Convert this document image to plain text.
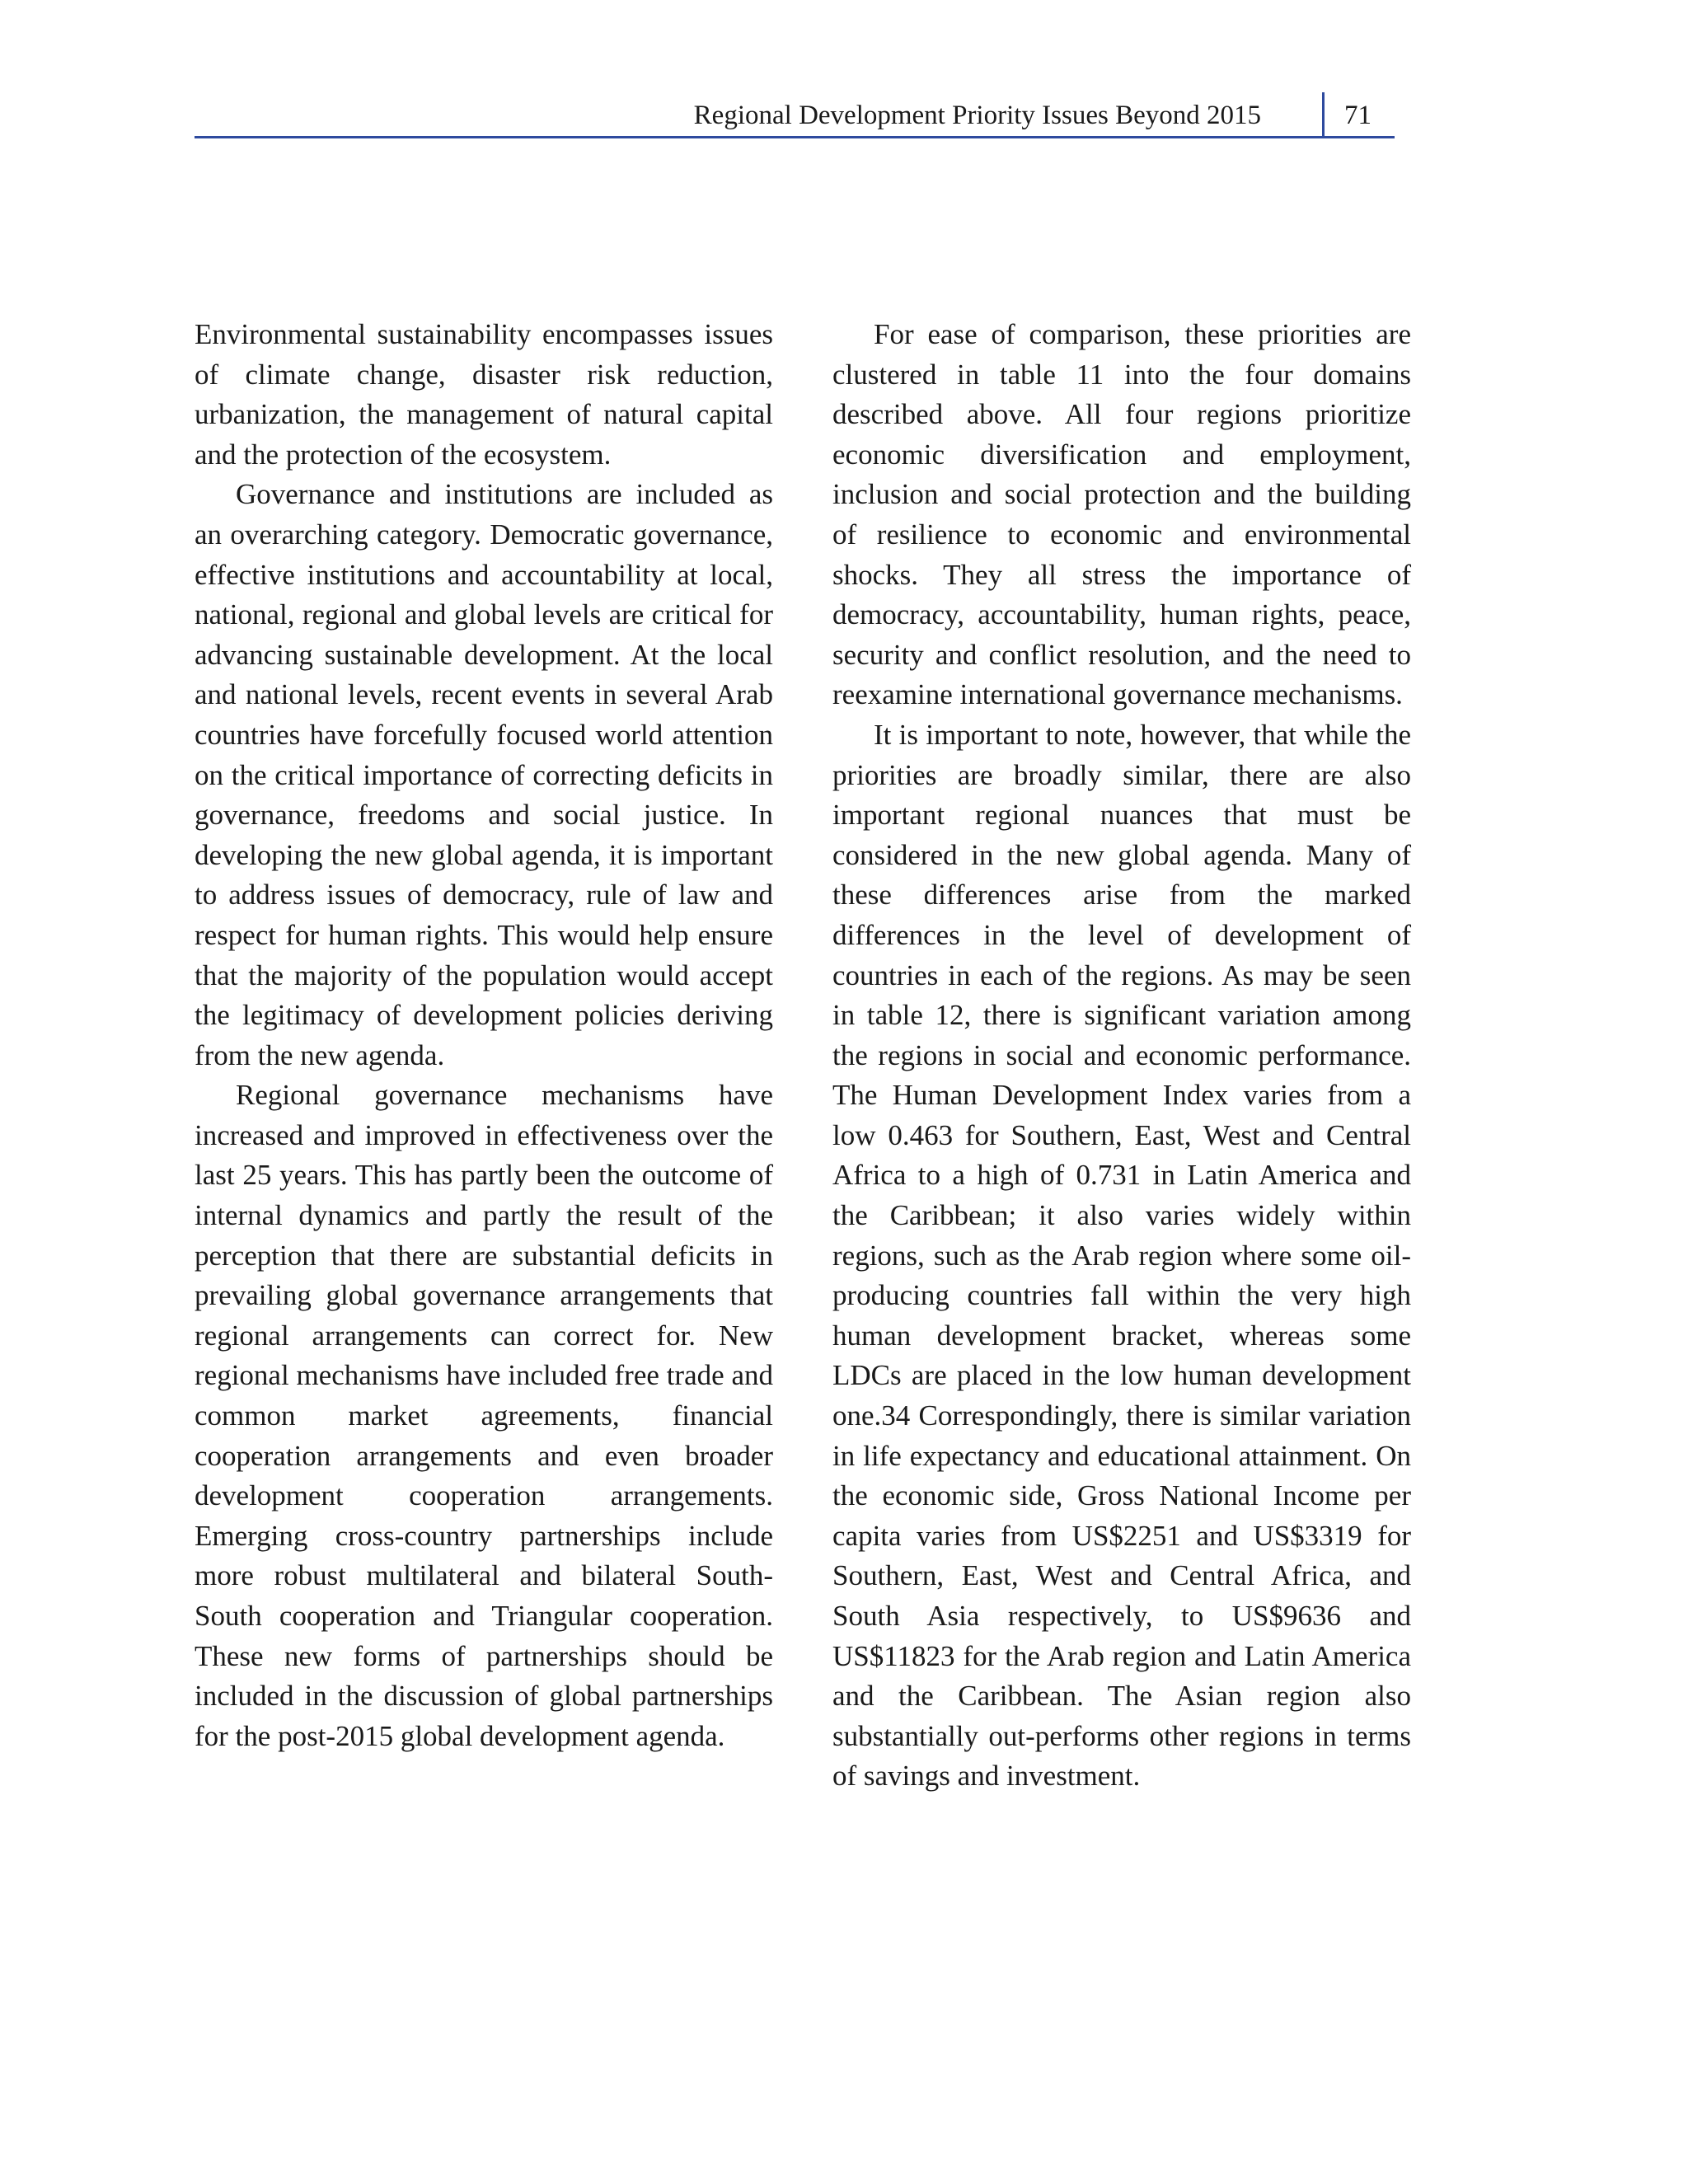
Regional Development Priority Issues Beyond 2015	71

Environmental sustainability encompasses issues of climate change, disaster risk reduction, urbanization, the management of natural capital and the protection of the ecosystem.

Governance and institutions are included as an overarching category. Democratic governance, effective institutions and accountability at local, national, regional and global levels are critical for advancing sustainable development. At the local and national levels, recent events in several Arab countries have forcefully focused world attention on the critical importance of correcting deficits in governance, freedoms and social justice. In developing the new global agenda, it is important to address issues of democracy, rule of law and respect for human rights. This would help ensure that the majority of the population would accept the legitimacy of development policies deriving from the new agenda.

Regional governance mechanisms have increased and improved in effectiveness over the last 25 years. This has partly been the outcome of internal dynamics and partly the result of the perception that there are substantial deficits in prevailing global governance arrangements that regional arrangements can correct for. New regional mechanisms have included free trade and common market agreements, financial cooperation arrangements and even broader development cooperation arrangements. Emerging cross-country partnerships include more robust multilateral and bilateral South-South cooperation and Triangular cooperation. These new forms of partnerships should be included in the discussion of global partnerships for the post-2015 global development agenda.

For ease of comparison, these priorities are clustered in table 11 into the four domains described above. All four regions prioritize economic diversification and employment, inclusion and social protection and the building of resilience to economic and environmental shocks. They all stress the importance of democracy, accountability, human rights, peace, security and conflict resolution, and the need to reexamine international governance mechanisms.

It is important to note, however, that while the priorities are broadly similar, there are also important regional nuances that must be considered in the new global agenda. Many of these differences arise from the marked differences in the level of development of countries in each of the regions. As may be seen in table 12, there is significant variation among the regions in social and economic performance. The Human Development Index varies from a low 0.463 for Southern, East, West and Central Africa to a high of 0.731 in Latin America and the Caribbean; it also varies widely within regions, such as the Arab region where some oil-producing countries fall within the very high human development bracket, whereas some LDCs are placed in the low human development one.34 Correspondingly, there is similar variation in life expectancy and educational attainment. On the economic side, Gross National Income per capita varies from US$2251 and US$3319 for Southern, East, West and Central Africa, and South Asia respectively, to US$9636 and US$11823 for the Arab region and Latin America and the Caribbean. The Asian region also substantially out-performs other regions in terms of savings and investment.
